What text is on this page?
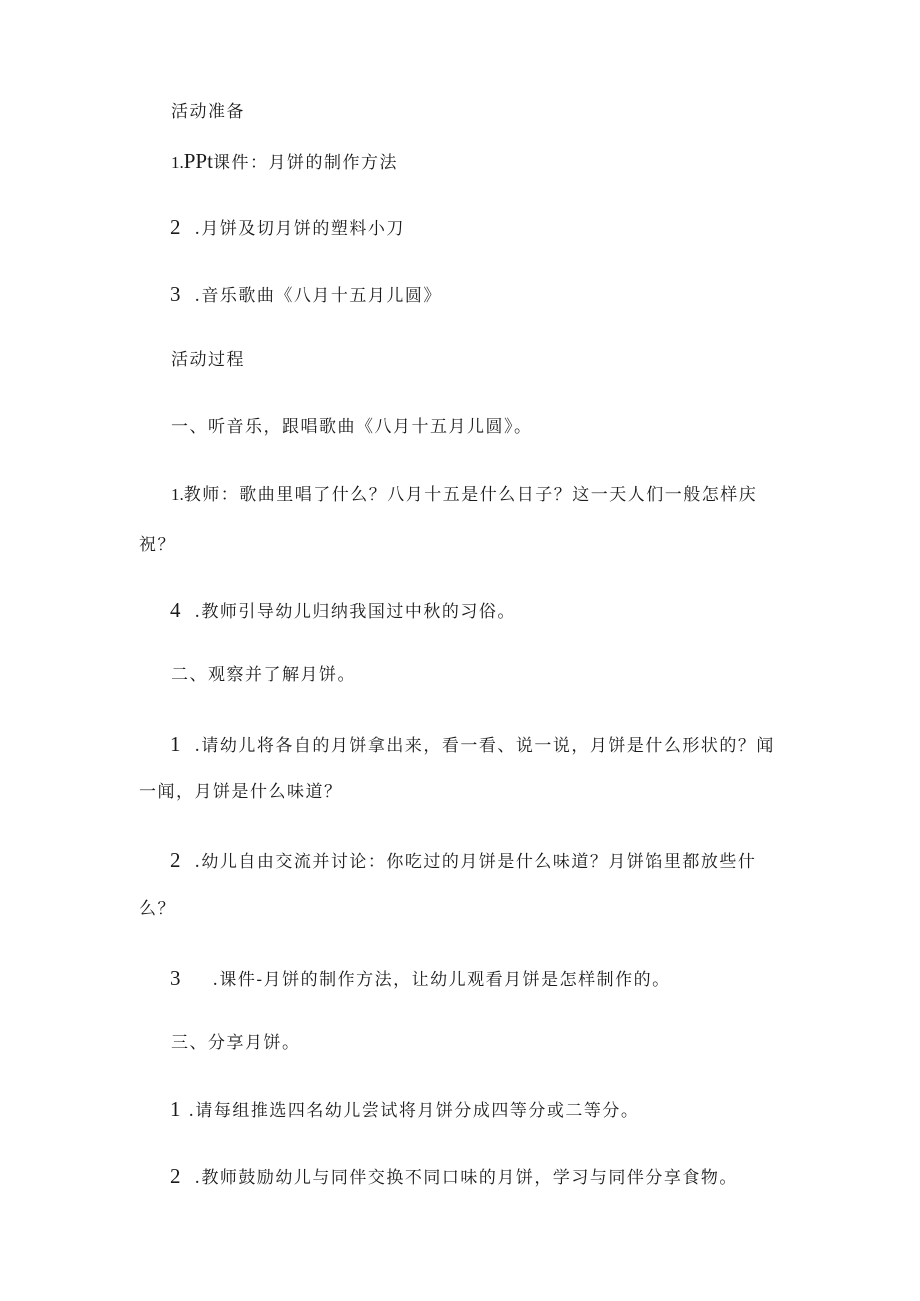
活动准备
1.PPt课件：月饼的制作方法
2 .月饼及切月饼的塑料小刀
3 .音乐歌曲《八月十五月儿圆》
活动过程
一、听音乐，跟唱歌曲《八月十五月儿圆》。
1.教师：歌曲里唱了什么？八月十五是什么日子？这一天人们一般怎样庆
祝？
4 .教师引导幼儿归纳我国过中秋的习俗。
二、观察并了解月饼。
1 .请幼儿将各自的月饼拿出来，看一看、说一说，月饼是什么形状的？闻
一闻，月饼是什么味道？
2 .幼儿自由交流并讨论：你吃过的月饼是什么味道？月饼馅里都放些什
么？
3 .课件-月饼的制作方法，让幼儿观看月饼是怎样制作的。
三、分享月饼。
1 .请每组推选四名幼儿尝试将月饼分成四等分或二等分。
2 .教师鼓励幼儿与同伴交换不同口味的月饼，学习与同伴分享食物。
